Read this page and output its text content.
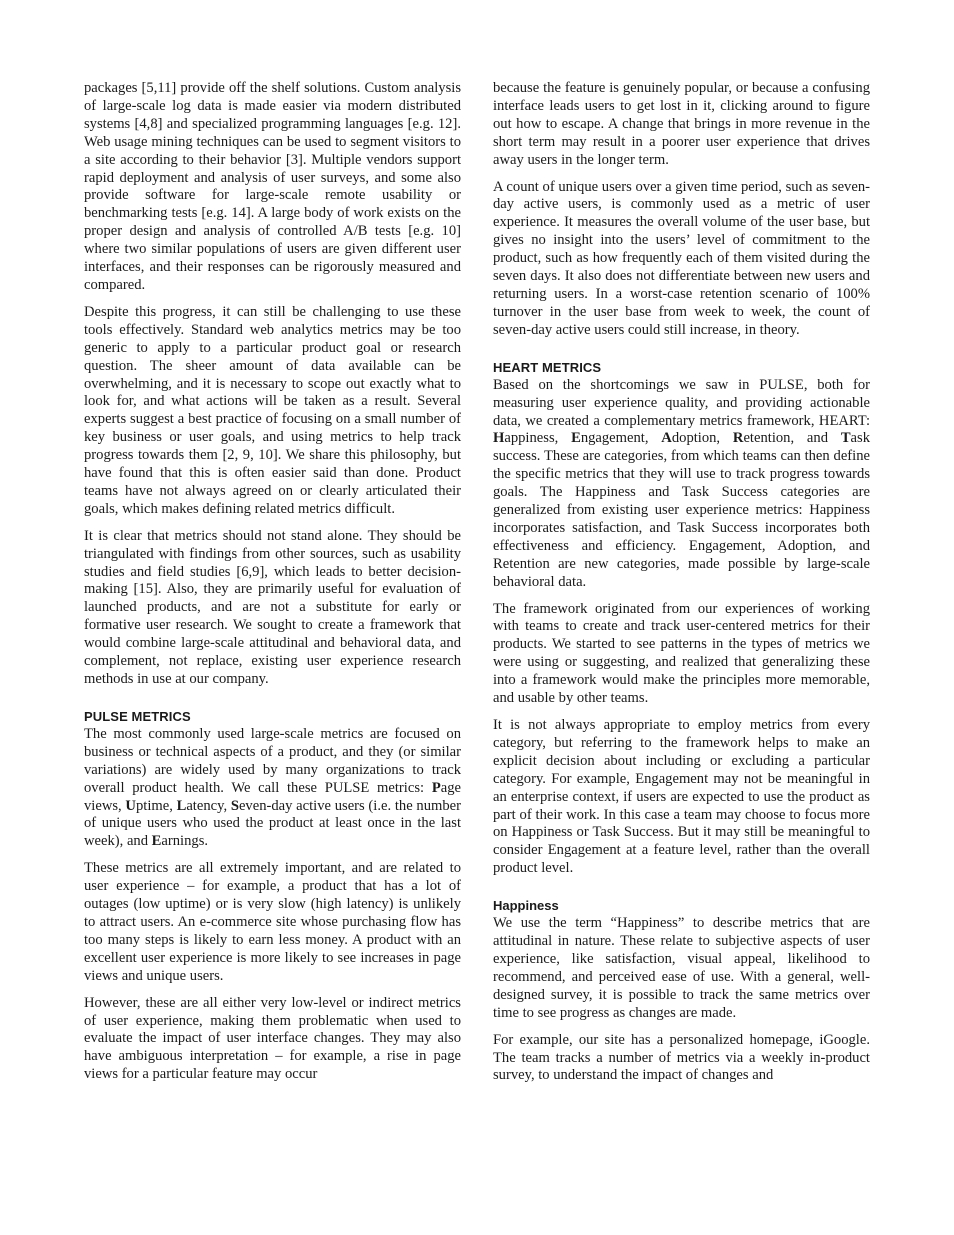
packages [5,11] provide off the shelf solutions. Custom analysis of large-scale log data is made easier via modern distributed systems [4,8] and specialized programming languages [e.g. 12]. Web usage mining techniques can be used to segment visitors to a site according to their behavior [3]. Multiple vendors support rapid deployment and analysis of user surveys, and some also provide software for large-scale remote usability or benchmarking tests [e.g. 14]. A large body of work exists on the proper design and analysis of controlled A/B tests [e.g. 10] where two similar populations of users are given different user interfaces, and their responses can be rigorously measured and compared.

Despite this progress, it can still be challenging to use these tools effectively. Standard web analytics metrics may be too generic to apply to a particular product goal or research question. The sheer amount of data available can be overwhelming, and it is necessary to scope out exactly what to look for, and what actions will be taken as a result. Several experts suggest a best practice of focusing on a small number of key business or user goals, and using metrics to help track progress towards them [2, 9, 10]. We share this philosophy, but have found that this is often easier said than done. Product teams have not always agreed on or clearly articulated their goals, which makes defining related metrics difficult.

It is clear that metrics should not stand alone. They should be triangulated with findings from other sources, such as usability studies and field studies [6,9], which leads to better decision-making [15]. Also, they are primarily useful for evaluation of launched products, and are not a substitute for early or formative user research. We sought to create a framework that would combine large-scale attitudinal and behavioral data, and complement, not replace, existing user experience research methods in use at our company.

PULSE METRICS

The most commonly used large-scale metrics are focused on business or technical aspects of a product, and they (or similar variations) are widely used by many organizations to track overall product health. We call these PULSE metrics: Page views, Uptime, Latency, Seven-day active users (i.e. the number of unique users who used the product at least once in the last week), and Earnings.

These metrics are all extremely important, and are related to user experience – for example, a product that has a lot of outages (low uptime) or is very slow (high latency) is unlikely to attract users. An e-commerce site whose purchasing flow has too many steps is likely to earn less money. A product with an excellent user experience is more likely to see increases in page views and unique users.

However, these are all either very low-level or indirect metrics of user experience, making them problematic when used to evaluate the impact of user interface changes. They may also have ambiguous interpretation – for example, a rise in page views for a particular feature may occur

because the feature is genuinely popular, or because a confusing interface leads users to get lost in it, clicking around to figure out how to escape. A change that brings in more revenue in the short term may result in a poorer user experience that drives away users in the longer term.

A count of unique users over a given time period, such as seven-day active users, is commonly used as a metric of user experience. It measures the overall volume of the user base, but gives no insight into the users’ level of commitment to the product, such as how frequently each of them visited during the seven days. It also does not differentiate between new users and returning users. In a worst-case retention scenario of 100% turnover in the user base from week to week, the count of seven-day active users could still increase, in theory.

HEART METRICS

Based on the shortcomings we saw in PULSE, both for measuring user experience quality, and providing actionable data, we created a complementary metrics framework, HEART: Happiness, Engagement, Adoption, Retention, and Task success. These are categories, from which teams can then define the specific metrics that they will use to track progress towards goals. The Happiness and Task Success categories are generalized from existing user experience metrics: Happiness incorporates satisfaction, and Task Success incorporates both effectiveness and efficiency. Engagement, Adoption, and Retention are new categories, made possible by large-scale behavioral data.

The framework originated from our experiences of working with teams to create and track user-centered metrics for their products. We started to see patterns in the types of metrics we were using or suggesting, and realized that generalizing these into a framework would make the principles more memorable, and usable by other teams.

It is not always appropriate to employ metrics from every category, but referring to the framework helps to make an explicit decision about including or excluding a particular category. For example, Engagement may not be meaningful in an enterprise context, if users are expected to use the product as part of their work. In this case a team may choose to focus more on Happiness or Task Success. But it may still be meaningful to consider Engagement at a feature level, rather than the overall product level.

Happiness

We use the term “Happiness” to describe metrics that are attitudinal in nature. These relate to subjective aspects of user experience, like satisfaction, visual appeal, likelihood to recommend, and perceived ease of use. With a general, well-designed survey, it is possible to track the same metrics over time to see progress as changes are made.

For example, our site has a personalized homepage, iGoogle. The team tracks a number of metrics via a weekly in-product survey, to understand the impact of changes and
